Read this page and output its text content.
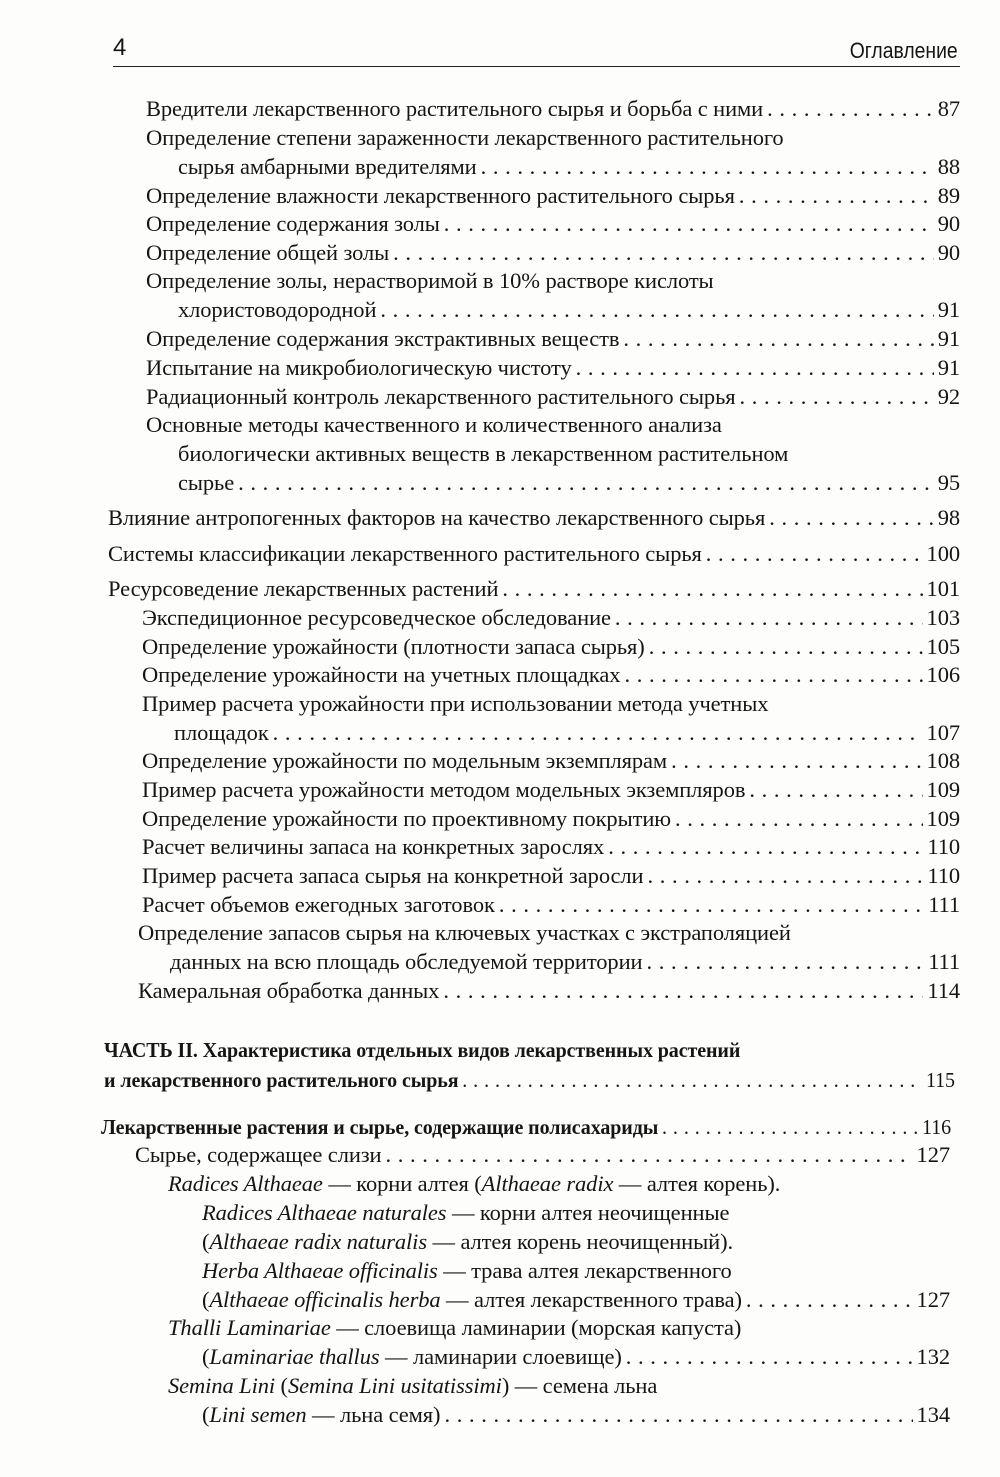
4	Оглавление
Вредители лекарственного растительного сырья и борьба с ними . . .	87
Определение степени зараженности лекарственного растительного
сырья амбарными вредителями . . .	88
Определение влажности лекарственного растительного сырья . . .	89
Определение содержания золы . . .	90
Определение общей золы . . .	90
Определение золы, нерастворимой в 10% растворе кислоты
хлористоводородной . . .	91
Определение содержания экстрактивных веществ . . .	91
Испытание на микробиологическую чистоту . . .	91
Радиационный контроль лекарственного растительного сырья . . .	92
Основные методы качественного и количественного анализа
биологически активных веществ в лекарственном растительном
сырье . . .	95
Влияние антропогенных факторов на качество лекарственного сырья . . .	98
Системы классификации лекарственного растительного сырья . . .	100
Ресурсоведение лекарственных растений . . .	101
Экспедиционное ресурсоведческое обследование . . .	103
Определение урожайности (плотности запаса сырья) . . .	105
Определение урожайности на учетных площадках . . .	106
Пример расчета урожайности при использовании метода учетных
площадок . . .	107
Определение урожайности по модельным экземплярам . . .	108
Пример расчета урожайности методом модельных экземпляров . . .	109
Определение урожайности по проективному покрытию . . .	109
Расчет величины запаса на конкретных зарослях . . .	110
Пример расчета запаса сырья на конкретной заросли . . .	110
Расчет объемов ежегодных заготовок . . .	111
Определение запасов сырья на ключевых участках с экстраполяцией
данных на всю площадь обследуемой территории . . .	111
Камеральная обработка данных . . .	114
ЧАСТЬ II. Характеристика отдельных видов лекарственных растений
и лекарственного растительного сырья . . .	115
Лекарственные растения и сырье, содержащие полисахариды . . .	116
Сырье, содержащее слизи . . .	127
Radices Althaeae — корни алтея (Althaeae radix — алтея корень).
Radices Althaeae naturales — корни алтея неочищенные
(Althaeae radix naturalis — алтея корень неочищенный).
Herba Althaeae officinalis — трава алтея лекарственного
(Althaeae officinalis herba — алтея лекарственного трава) . . .	127
Thalli Laminariae — слоевища ламинарии (морская капуста)
(Laminariae thallus — ламинарии слоевище) . . .	132
Semina Lini (Semina Lini usitatissimi) — семена льна
(Lini semen — льна семя) . . .	134
